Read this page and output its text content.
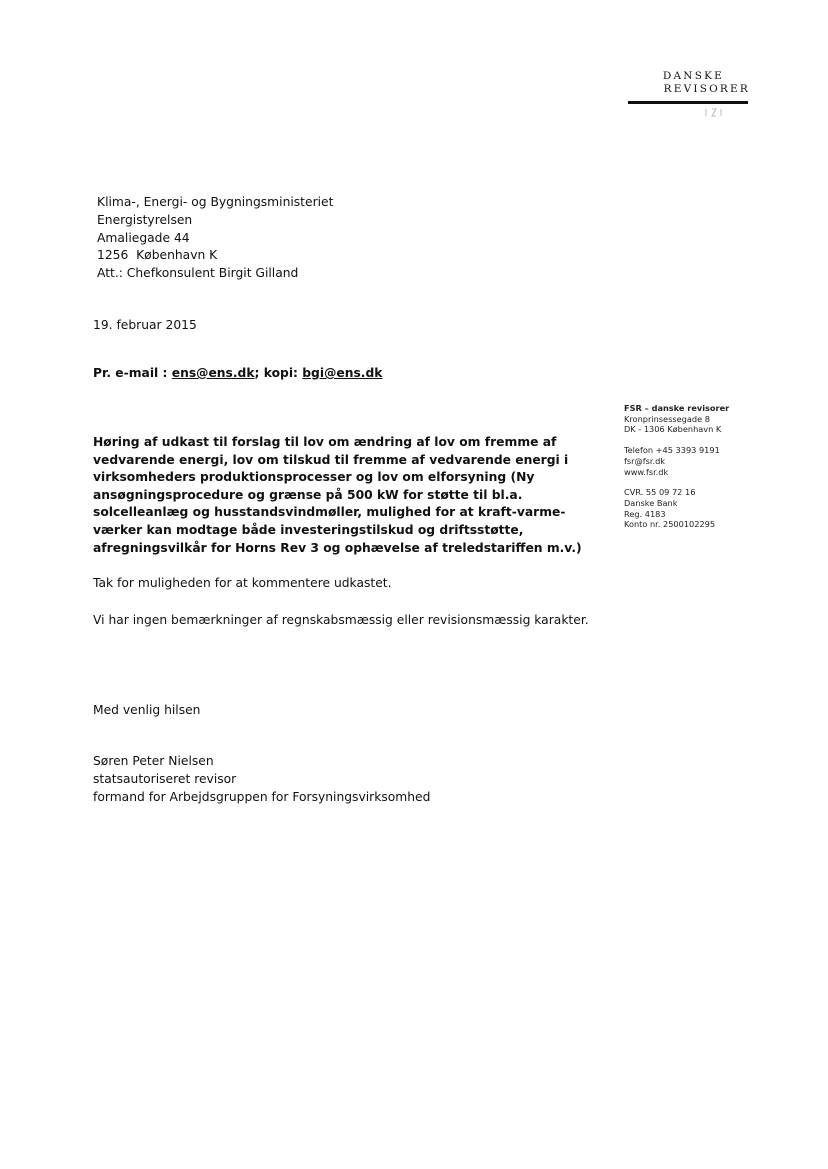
DANSKE
REVISORER
Klima-, Energi- og Bygningsministeriet
Energistyrelsen
Amaliegade 44
1256  København K
Att.: Chefkonsulent Birgit Gilland
19. februar 2015
Pr. e-mail : ens@ens.dk; kopi: bgi@ens.dk
FSR – danske revisorer
Kronprinsessegade 8
DK - 1306 København K
Telefon +45 3393 9191
fsr@fsr.dk
www.fsr.dk
CVR. 55 09 72 16
Danske Bank
Reg. 4183
Konto nr. 2500102295
Høring af udkast til forslag til lov om ændring af lov om fremme af
vedvarende energi, lov om tilskud til fremme af vedvarende energi i
virksomheders produktionsprocesser og lov om elforsyning (Ny
ansøgningsprocedure og grænse på 500 kW for støtte til bl.a.
solcelleanlæg og husstandsvindmøller, mulighed for at kraft-varme-
værker kan modtage både investeringstilskud og driftsstøtte,
afregningsvilkår for Horns Rev 3 og ophævelse af treledstariffen m.v.)
Tak for muligheden for at kommentere udkastet.
Vi har ingen bemærkninger af regnskabsmæssig eller revisionsmæssig karakter.
Med venlig hilsen
Søren Peter Nielsen
statsautoriseret revisor
formand for Arbejdsgruppen for Forsyningsvirksomhed
